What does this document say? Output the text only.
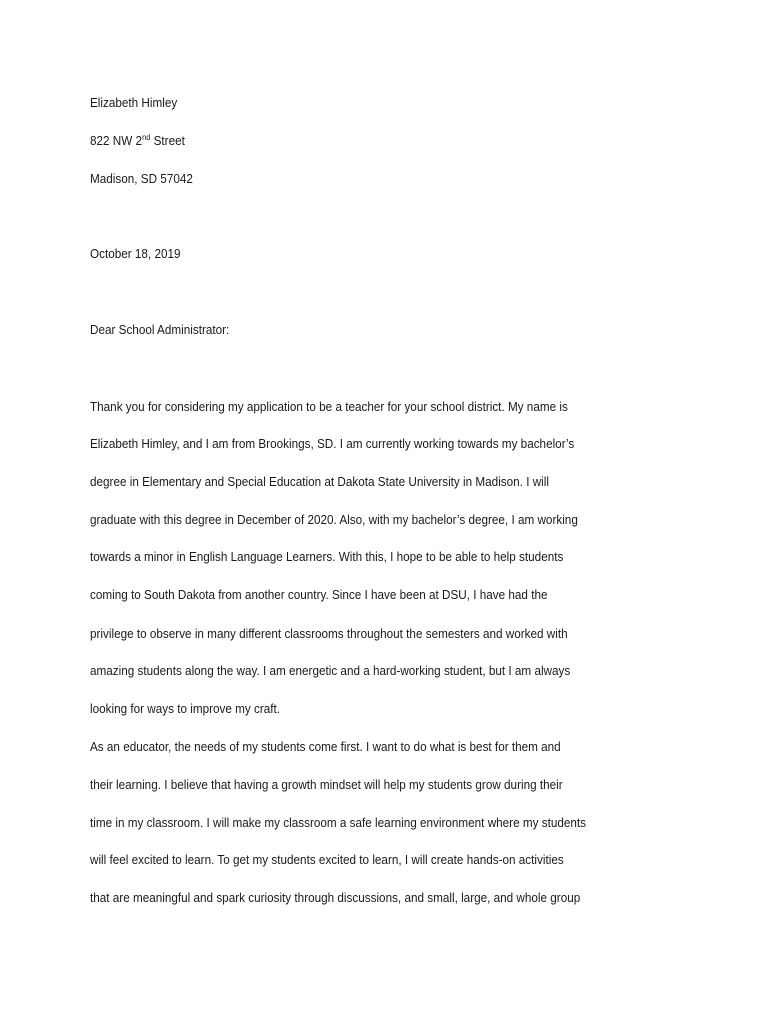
Elizabeth Himley
822 NW 2nd Street
Madison, SD 57042
October 18, 2019
Dear School Administrator:
Thank you for considering my application to be a teacher for your school district. My name is
Elizabeth Himley, and I am from Brookings, SD. I am currently working towards my bachelor’s
degree in Elementary and Special Education at Dakota State University in Madison. I will
graduate with this degree in December of 2020. Also, with my bachelor’s degree, I am working
towards a minor in English Language Learners. With this, I hope to be able to help students
coming to South Dakota from another country. Since I have been at DSU, I have had the
privilege to observe in many different classrooms throughout the semesters and worked with
amazing students along the way. I am energetic and a hard-working student, but I am always
looking for ways to improve my craft.
As an educator, the needs of my students come first. I want to do what is best for them and
their learning. I believe that having a growth mindset will help my students grow during their
time in my classroom. I will make my classroom a safe learning environment where my students
will feel excited to learn. To get my students excited to learn, I will create hands-on activities
that are meaningful and spark curiosity through discussions, and small, large, and whole group
